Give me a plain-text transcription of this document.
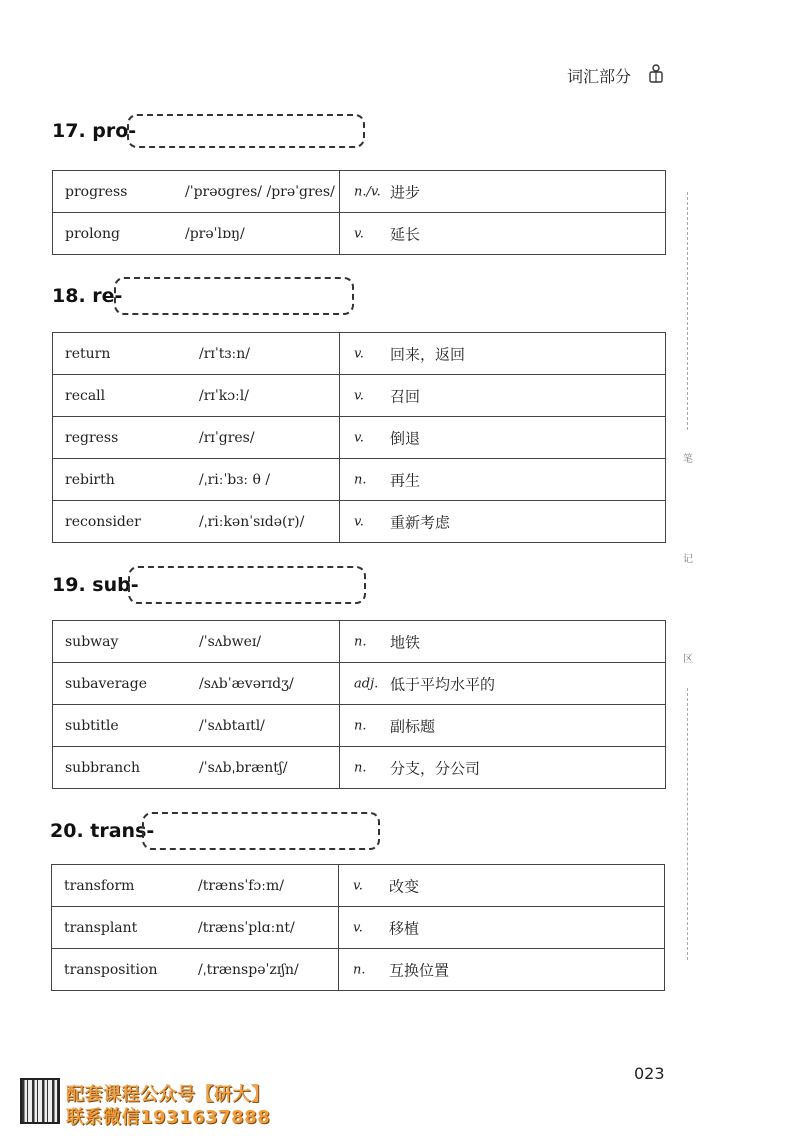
词汇部分
17. pro-
progress	/ˈprəʊgres/ /prəˈgres/	n./v. 进步

prolong	/prəˈlɒŋ/	v. 延长
18. re-
return	/rɪˈtɜːn/	v. 回来，返回

recall	/rɪˈkɔːl/	v. 召回

regress	/rɪˈgres/	v. 倒退

rebirth	/ˌriːˈbɜː θ /	n. 再生

reconsider	/ˌriːkənˈsɪdə(r)/	v. 重新考虑
19. sub-
subway	/ˈsʌbweɪ/	n. 地铁

subaverage	/sʌbˈævərɪdʒ/	adj. 低于平均水平的

subtitle	/ˈsʌbtaɪtl/	n. 副标题

subbranch	/ˈsʌbˌbræntʃ/	n. 分支，分公司
20. trans-
transform	/trænsˈfɔːm/	v. 改变

transplant	/trænsˈplɑːnt/	v. 移植

transposition	/ˌtrænspəˈzɪʃn/	n. 互换位置
笔
记
区
023
配套课程公众号【研大】
联系微信1931637888
